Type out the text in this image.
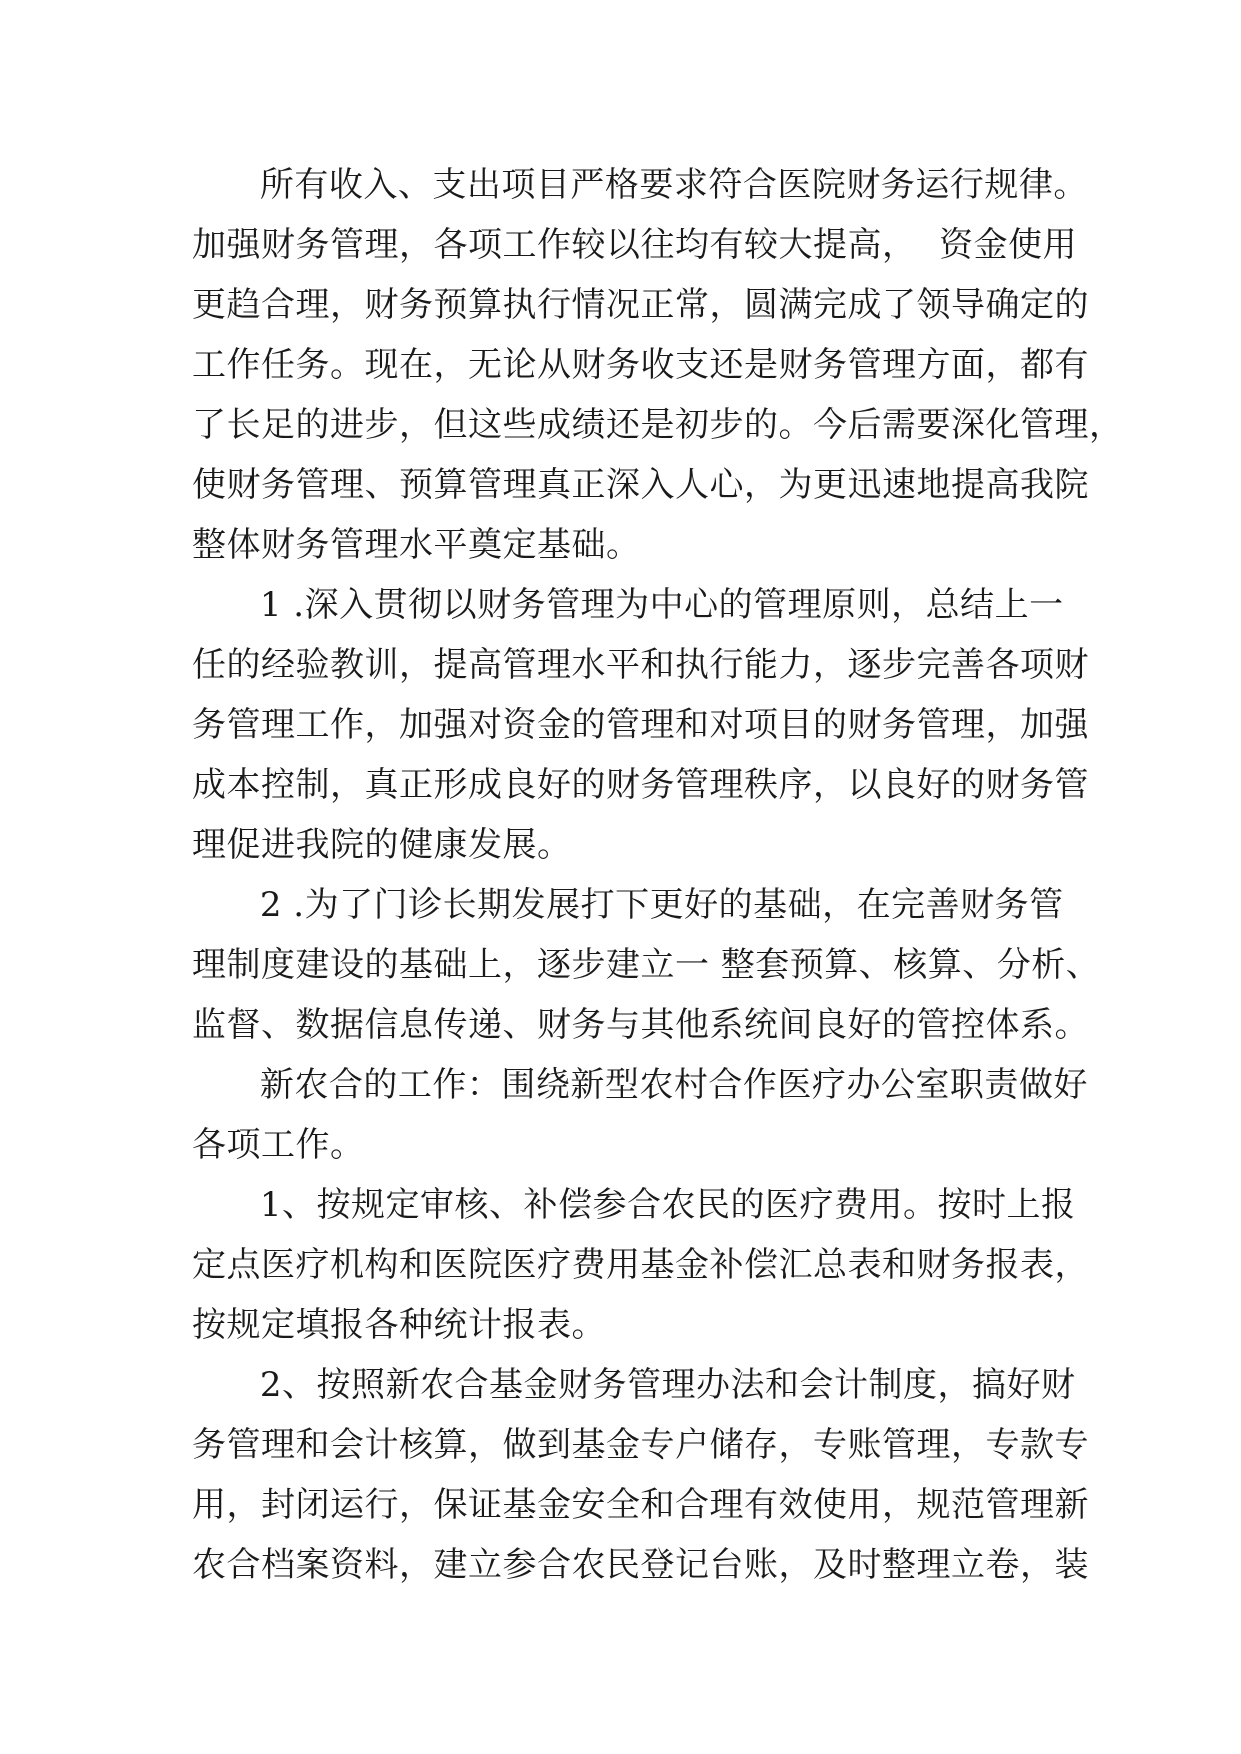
所有收入、支出项目严格要求符合医院财务运行规律。
加强财务管理，各项工作较以往均有较大提高，  资金使用
更趋合理，财务预算执行情况正常，圆满完成了领导确定的
工作任务。现在，无论从财务收支还是财务管理方面，都有
了长足的进步，但这些成绩还是初步的。今后需要深化管理，
使财务管理、预算管理真正深入人心，为更迅速地提高我院
整体财务管理水平奠定基础。
1 .深入贯彻以财务管理为中心的管理原则，总结上一
任的经验教训，提高管理水平和执行能力，逐步完善各项财
务管理工作，加强对资金的管理和对项目的财务管理，加强
成本控制，真正形成良好的财务管理秩序，以良好的财务管
理促进我院的健康发展。
2 .为了门诊长期发展打下更好的基础，在完善财务管
理制度建设的基础上，逐步建立一 整套预算、核算、分析、
监督、数据信息传递、财务与其他系统间良好的管控体系。
新农合的工作：围绕新型农村合作医疗办公室职责做好
各项工作。
1、按规定审核、补偿参合农民的医疗费用。按时上报
定点医疗机构和医院医疗费用基金补偿汇总表和财务报表，
按规定填报各种统计报表。
2、按照新农合基金财务管理办法和会计制度，搞好财
务管理和会计核算，做到基金专户储存，专账管理，专款专
用，封闭运行，保证基金安全和合理有效使用，规范管理新
农合档案资料，建立参合农民登记台账，及时整理立卷，装
